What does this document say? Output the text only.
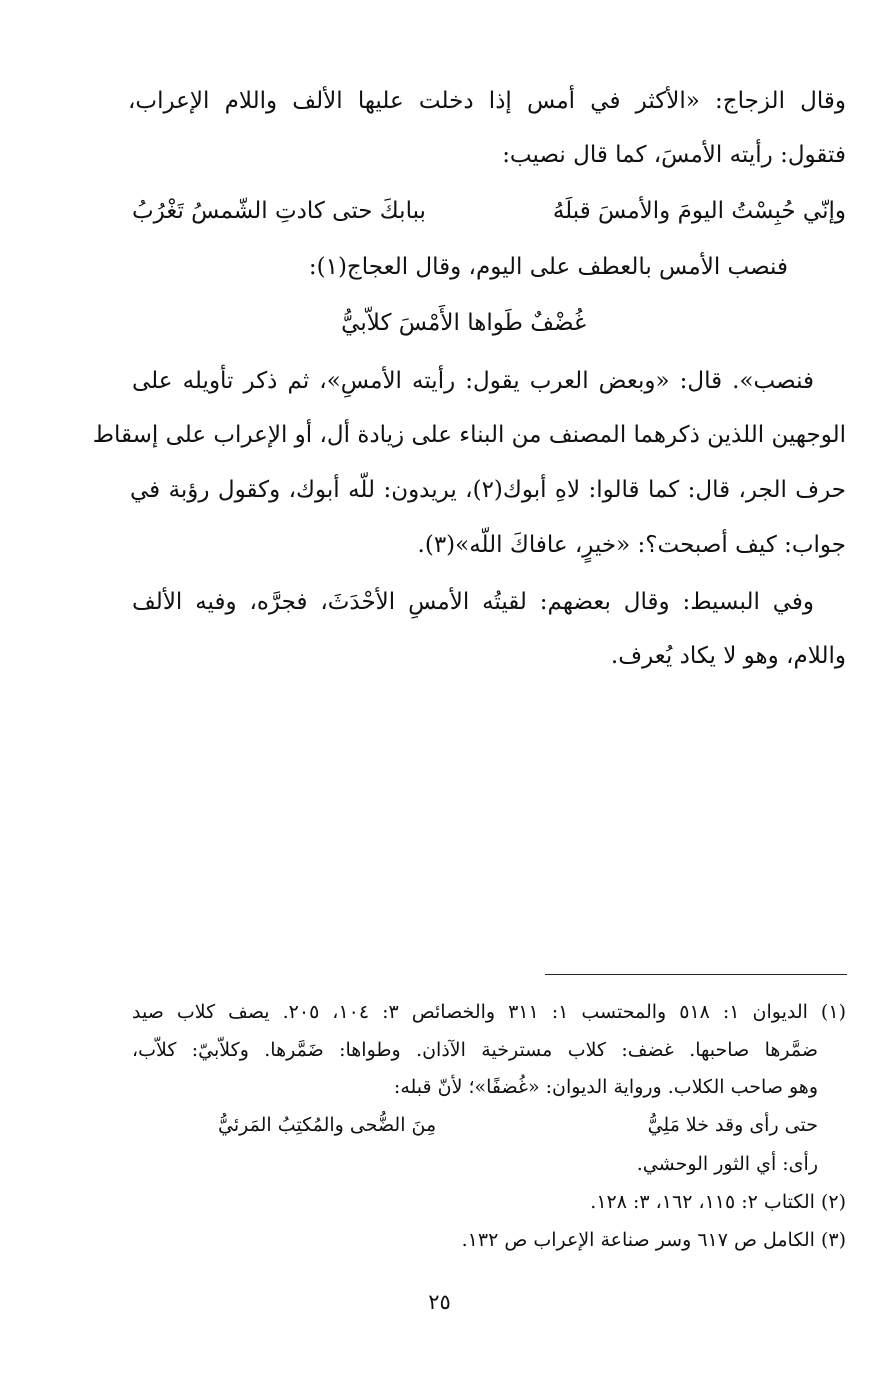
وقال الزجاج: «الأكثر في أمس إذا دخلت عليها الألف واللام الإعراب،
فتقول: رأيته الأمسَ، كما قال نصيب:
وإنّي حُبِسْتُ اليومَ والأمسَ قبلَهُ
ببابكَ حتى كادتِ الشّمسُ تَغْرُبُ
فنصب الأمس بالعطف على اليوم، وقال العجاج(١):
غُضْفٌ طَواها الأَمْسَ كلاّبيُّ
فنصب». قال: «وبعض العرب يقول: رأيته الأمسِ»، ثم ذكر تأويله على
الوجهين اللذين ذكرهما المصنف من البناء على زيادة أل، أو الإعراب على إسقاط
حرف الجر، قال: كما قالوا: لاهِ أبوك(٢)، يريدون: للّه أبوك، وكقول رؤبة في
جواب: كيف أصبحت؟: «خيرٍ، عافاكَ اللّه»(٣).
وفي البسيط: وقال بعضهم: لقيتُه الأمسِ الأحْدَثَ، فجرَّه، وفيه الألف
واللام، وهو لا يكاد يُعرف.
(١) الديوان ١: ٥١٨ والمحتسب ١: ٣١١ والخصائص ٣: ١٠٤، ٢٠٥. يصف كلاب صيد
ضمَّرها صاحبها. غضف: كلاب مسترخية الآذان. وطواها: ضَمَّرها. وكلاّبيّ: كلاّب،
وهو صاحب الكلاب. ورواية الديوان: «غُضفًا»؛ لأنّ قبله:
حتى رأى وقد خلا مَلِيُّ
مِنَ الضُّحى والمُكتِبُ المَرئيُّ
رأى: أي الثور الوحشي.
(٢) الكتاب ٢: ١١٥، ١٦٢، ٣: ١٢٨.
(٣) الكامل ص ٦١٧ وسر صناعة الإعراب ص ١٣٢.
٢٥
